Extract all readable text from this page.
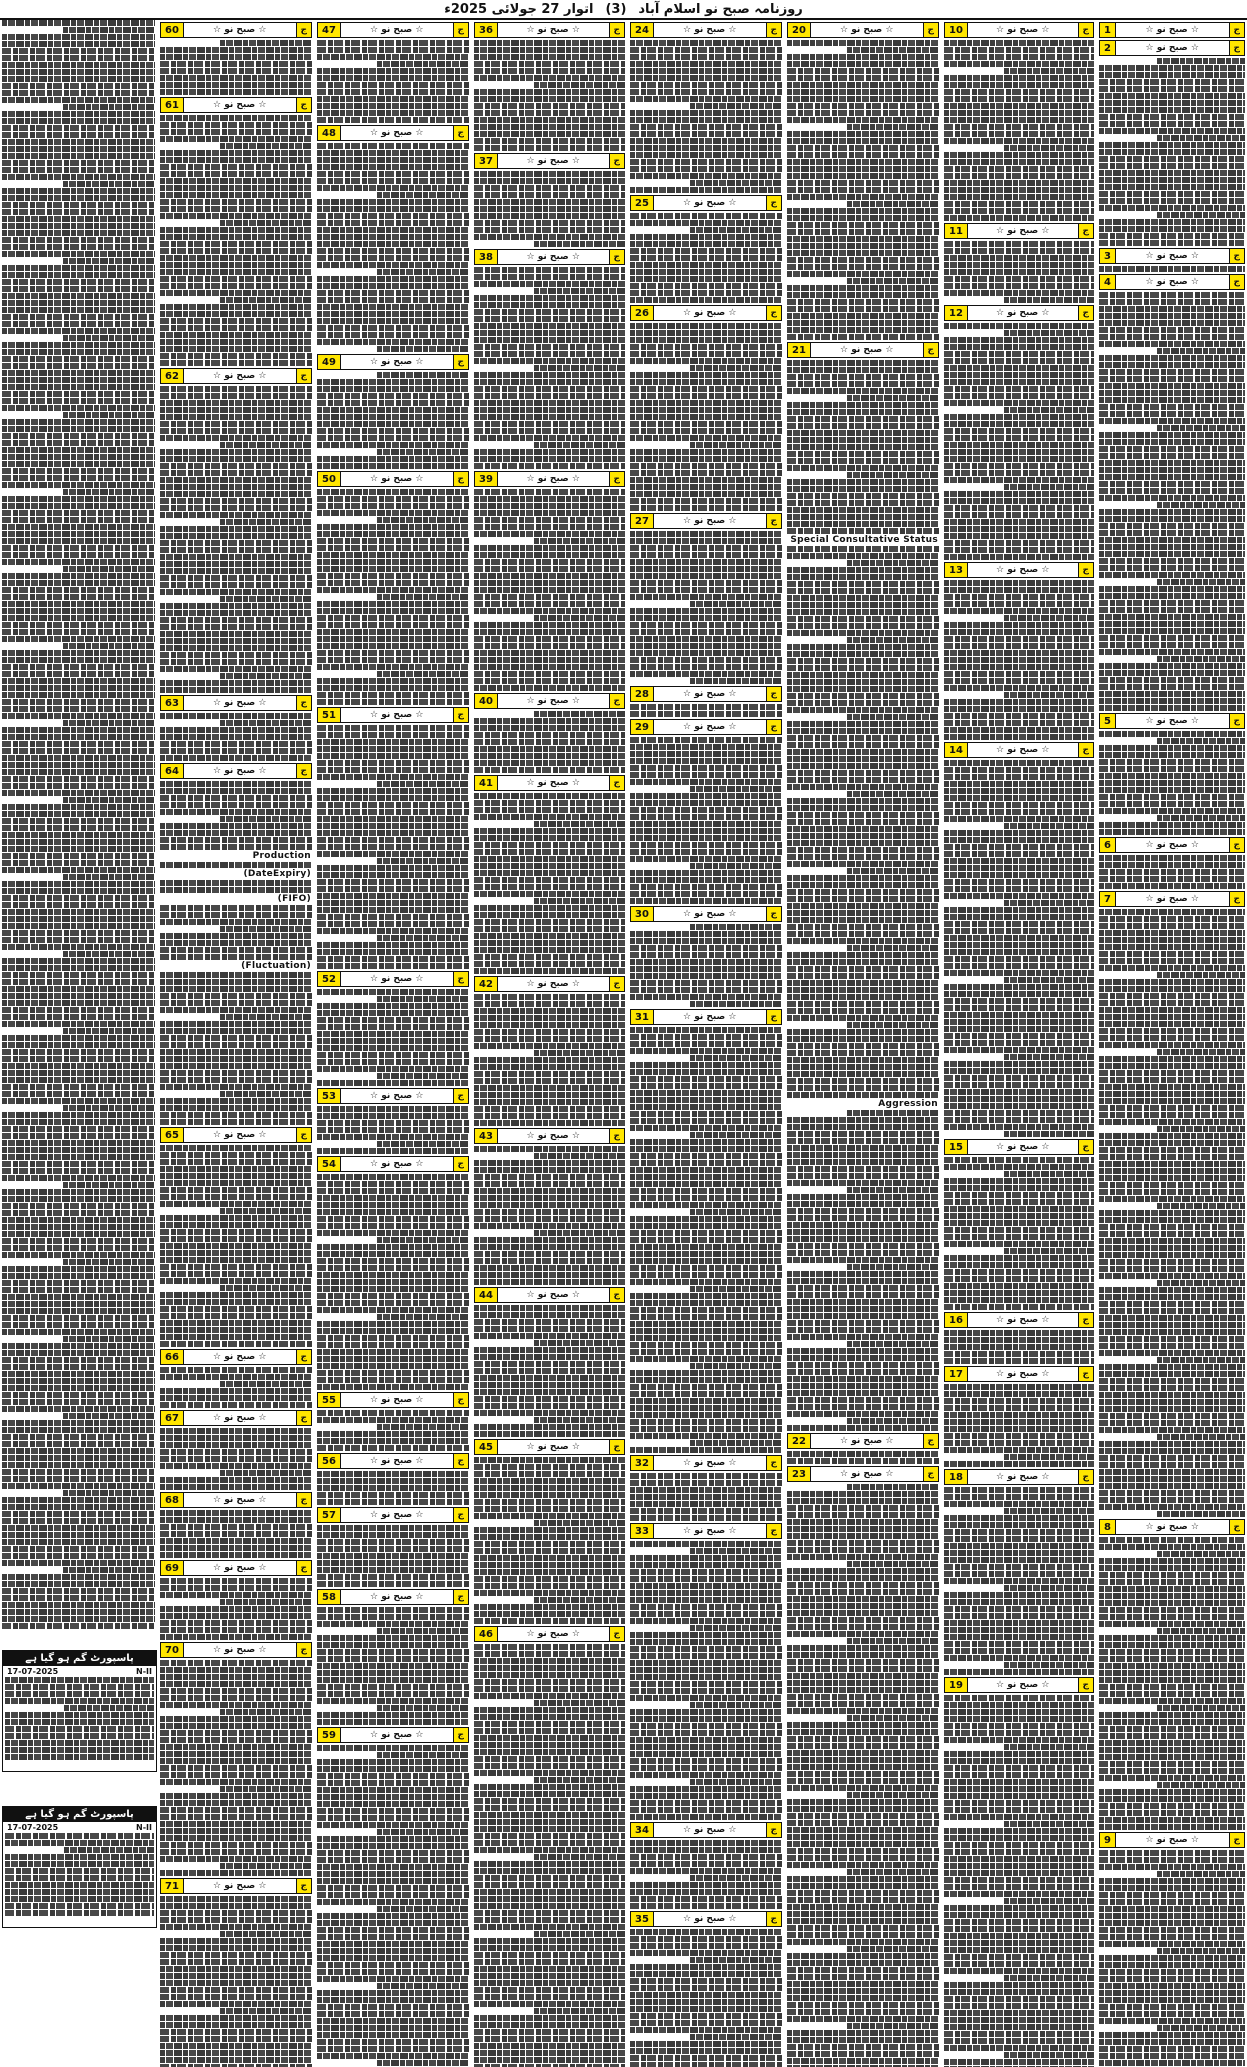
روزنامہ صبح نو اسلام آباد
(3)
اتوار 27 جولائی 2025ء
1	☆ صبح نو ☆	ج
2	☆ صبح نو ☆	ج
3	☆ صبح نو ☆	ج
4	☆ صبح نو ☆	ج
5	☆ صبح نو ☆	ج
6	☆ صبح نو ☆	ج
7	☆ صبح نو ☆	ج
8	☆ صبح نو ☆	ج
9	☆ صبح نو ☆	ج
10	☆ صبح نو ☆	ج
11	☆ صبح نو ☆	ج
12	☆ صبح نو ☆	ج
13	☆ صبح نو ☆	ج
14	☆ صبح نو ☆	ج
15	☆ صبح نو ☆	ج
16	☆ صبح نو ☆	ج
17	☆ صبح نو ☆	ج
18	☆ صبح نو ☆	ج
19	☆ صبح نو ☆	ج
20	☆ صبح نو ☆	ج
21	☆ صبح نو ☆	ج
Special Consultative Status
Aggression
22	☆ صبح نو ☆	ج
23	☆ صبح نو ☆	ج
24	☆ صبح نو ☆	ج
25	☆ صبح نو ☆	ج
26	☆ صبح نو ☆	ج
27	☆ صبح نو ☆	ج
28	☆ صبح نو ☆	ج
29	☆ صبح نو ☆	ج
30	☆ صبح نو ☆	ج
31	☆ صبح نو ☆	ج
32	☆ صبح نو ☆	ج
33	☆ صبح نو ☆	ج
34	☆ صبح نو ☆	ج
35	☆ صبح نو ☆	ج
36	☆ صبح نو ☆	ج
37	☆ صبح نو ☆	ج
38	☆ صبح نو ☆	ج
39	☆ صبح نو ☆	ج
40	☆ صبح نو ☆	ج
41	☆ صبح نو ☆	ج
42	☆ صبح نو ☆	ج
43	☆ صبح نو ☆	ج
44	☆ صبح نو ☆	ج
45	☆ صبح نو ☆	ج
46	☆ صبح نو ☆	ج
47	☆ صبح نو ☆	ج
48	☆ صبح نو ☆	ج
49	☆ صبح نو ☆	ج
50	☆ صبح نو ☆	ج
51	☆ صبح نو ☆	ج
52	☆ صبح نو ☆	ج
53	☆ صبح نو ☆	ج
54	☆ صبح نو ☆	ج
55	☆ صبح نو ☆	ج
56	☆ صبح نو ☆	ج
57	☆ صبح نو ☆	ج
58	☆ صبح نو ☆	ج
59	☆ صبح نو ☆	ج
60	☆ صبح نو ☆	ج
61	☆ صبح نو ☆	ج
62	☆ صبح نو ☆	ج
63	☆ صبح نو ☆	ج
64	☆ صبح نو ☆	ج
Production
(DateExpiry)
(FIFO)
(Fluctuation)
65	☆ صبح نو ☆	ج
66	☆ صبح نو ☆	ج
67	☆ صبح نو ☆	ج
68	☆ صبح نو ☆	ج
69	☆ صبح نو ☆	ج
70	☆ صبح نو ☆	ج
71	☆ صبح نو ☆	ج
پاسپورٹ گم ہو گیا ہے
17-07-2025	N-II
پاسپورٹ گم ہو گیا ہے
17-07-2025	N-II
